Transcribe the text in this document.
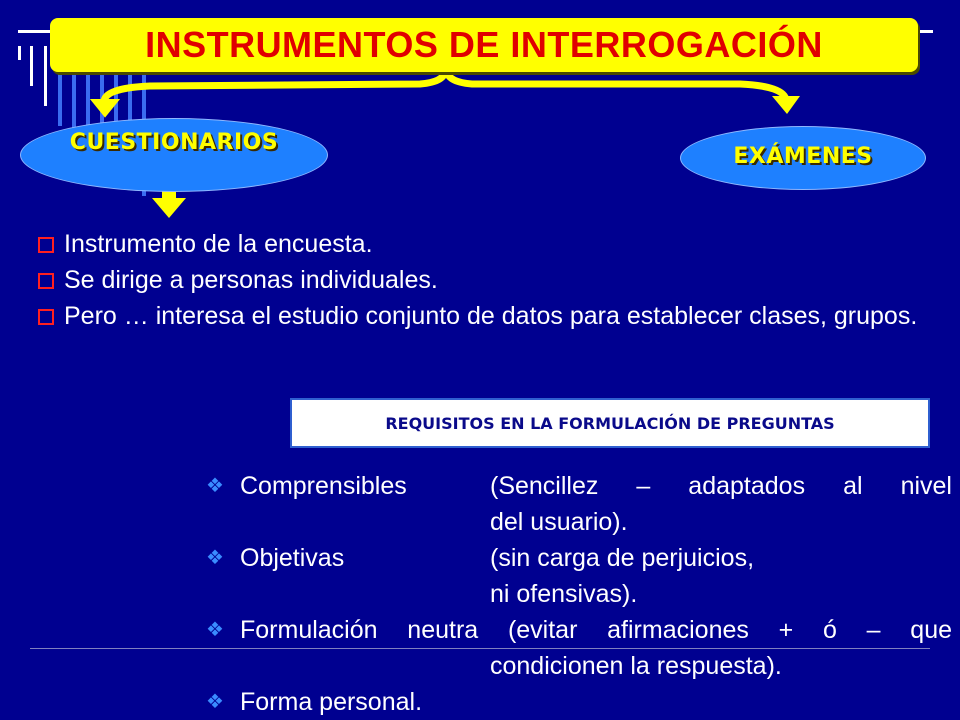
INSTRUMENTOS DE INTERROGACIÓN
CUESTIONARIOS
EXÁMENES
Instrumento de la encuesta.
Se dirige a personas individuales.
Pero … interesa el estudio conjunto de datos para establecer clases, grupos.
REQUISITOS EN LA FORMULACIÓN DE PREGUNTAS
❖ Comprensibles	(Sencillez – adaptados al nivel
del usuario).
❖ Objetivas	(sin carga de perjuicios,
ni ofensivas).
❖ Formulación neutra (evitar afirmaciones + ó – que
condicionen la respuesta).
❖ Forma personal.
